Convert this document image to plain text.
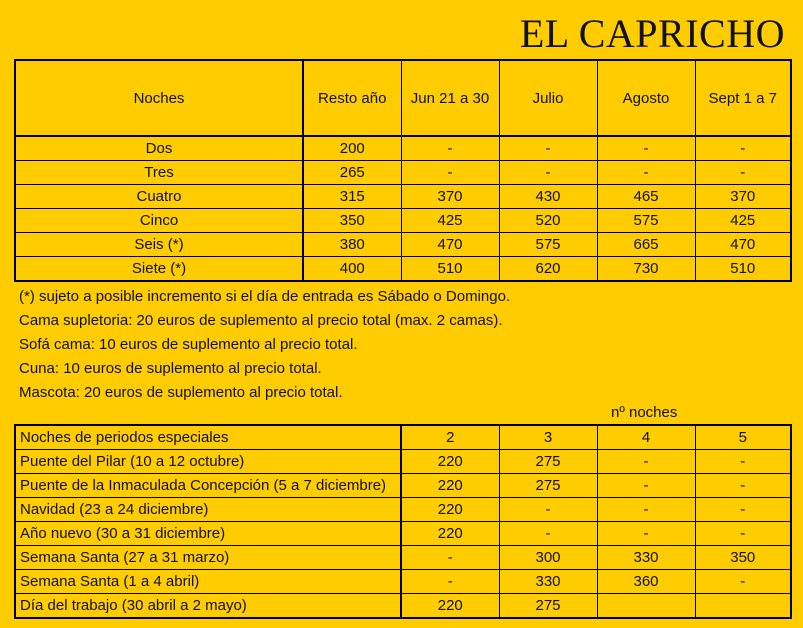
EL CAPRICHO
Noches	Resto año	Jun 21 a 30	Julio	Agosto	Sept 1 a 7
Dos	200	-	-	-	-
Tres	265	-	-	-	-
Cuatro	315	370	430	465	370
Cinco	350	425	520	575	425
Seis (*)	380	470	575	665	470
Siete (*)	400	510	620	730	510
(*) sujeto a posible incremento si el día de entrada es Sábado o Domingo.
Cama supletoria: 20 euros de suplemento al precio total (max. 2 camas).
Sofá cama: 10 euros de suplemento al precio total.
Cuna: 10 euros de suplemento al precio total.
Mascota: 20 euros de suplemento al precio total.
nº noches
Noches de periodos especiales	2	3	4	5
Puente del Pilar (10 a 12 octubre)	220	275	-	-
Puente de la Inmaculada Concepción (5 a 7 diciembre)	220	275	-	-
Navidad (23 a 24 diciembre)	220	-	-	-
Año nuevo (30 a 31 diciembre)	220	-	-	-
Semana Santa (27 a 31 marzo)	-	300	330	350
Semana Santa (1 a 4 abril)	-	330	360	-
Día del trabajo (30 abril a 2 mayo)	220	275		
